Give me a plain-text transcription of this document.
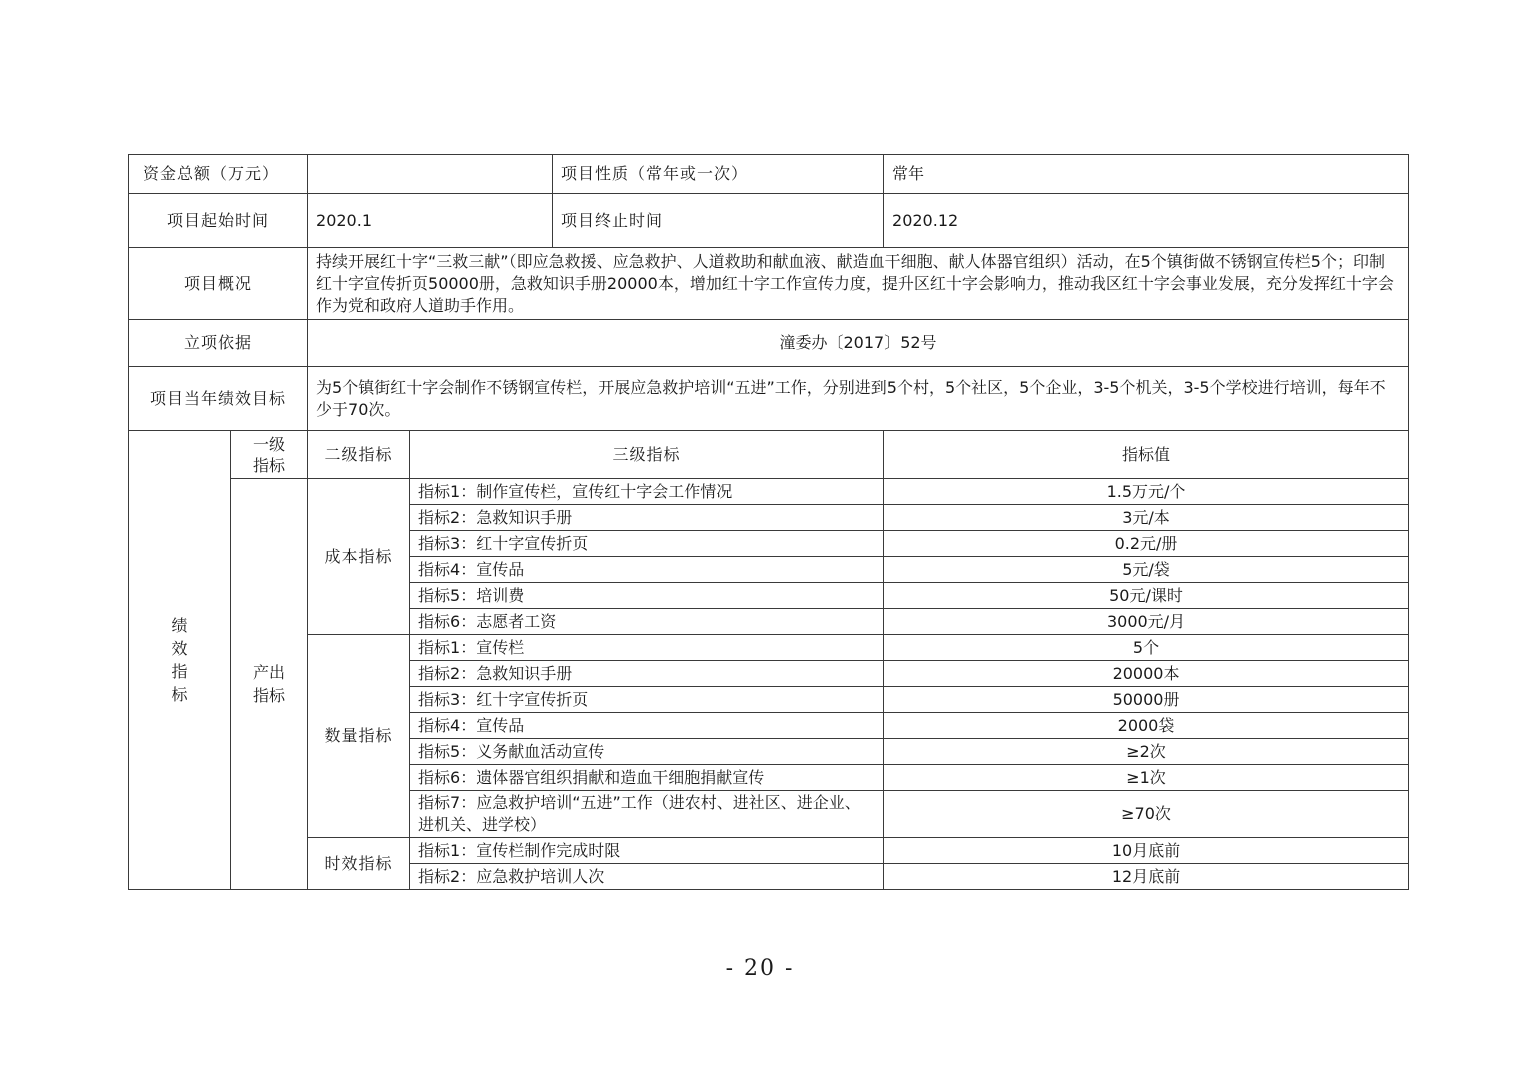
资金总额（万元）				项目性质（常年或一次）	常年
项目起始时间		2020.1		项目终止时间	2020.12
项目概况		持续开展红十字“三救三献”（即应急救援、应急救护、人道救助和献血液、献造血干细胞、献人体器官组织）活动，在5个镇街做不锈钢宣传栏5个；印制红十字宣传折页50000册，急救知识手册20000本，增加红十字工作宣传力度，提升区红十字会影响力，推动我区红十字会事业发展，充分发挥红十字会作为党和政府人道助手作用。			
立项依据		潼委办〔2017〕52号			
项目当年绩效目标		为5个镇街红十字会制作不锈钢宣传栏，开展应急救护培训“五进”工作，分别进到5个村，5个社区，5个企业，3-5个机关，3-5个学校进行培训，每年不少于70次。			

绩效指标	一级指标	二级指标	三级指标		指标值

	产出指标	成本指标	指标1：制作宣传栏，宣传红十字会工作情况		1.5万元/个
			指标2：急救知识手册		3元/本
			指标3：红十字宣传折页		0.2元/册
			指标4：宣传品		5元/袋
			指标5：培训费		50元/课时
			指标6：志愿者工资		3000元/月
		数量指标	指标1：宣传栏		5个
			指标2：急救知识手册		20000本
			指标3：红十字宣传折页		50000册
			指标4：宣传品		2000袋
			指标5：义务献血活动宣传		≥2次
			指标6：遗体器官组织捐献和造血干细胞捐献宣传		≥1次
			指标7：应急救护培训“五进”工作（进农村、进社区、进企业、进机关、进学校）		≥70次
		时效指标	指标1：宣传栏制作完成时限		10月底前
			指标2：应急救护培训人次		12月底前
- 20 -
